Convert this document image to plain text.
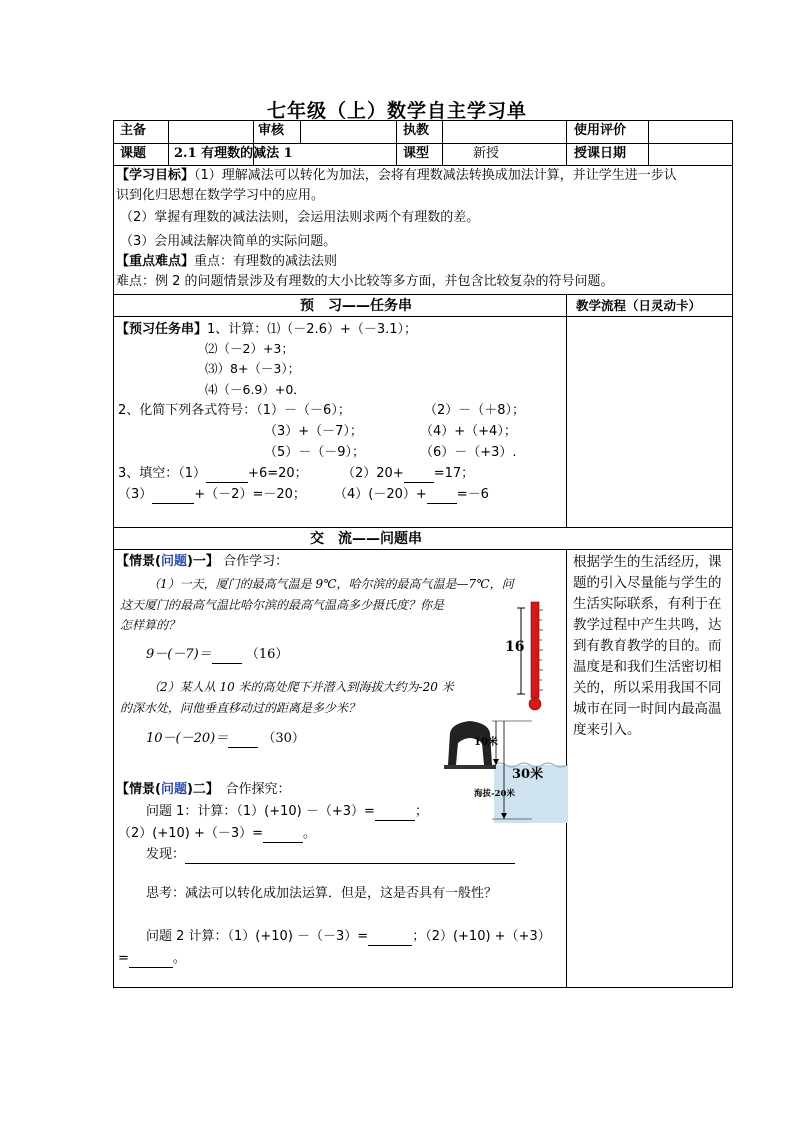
七年级（上）数学自主学习单
主备	审核	执教	使用评价
课题 2.1 有理数的减法 1	课型	新授	授课日期
【学习目标】（1）理解减法可以转化为加法，会将有理数减法转换成加法计算，并让学生进一步认
识到化归思想在数学学习中的应用。
（2）掌握有理数的减法法则，会运用法则求两个有理数的差。
（3）会用减法解决简单的实际问题。
【重点难点】重点：有理数的减法法则
难点：例 2 的问题情景涉及有理数的大小比较等多方面，并包含比较复杂的符号问题。
预　习——任务串	教学流程（日灵动卡）
【预习任务串】1、计算：⑴（－2.6）+（－3.1）；
⑵（－2）+3；
⑶）8+（－3）；
⑷（－6.9）+0．
2、化简下列各式符号：（1）－（－6）；	（2）－（＋8）；
（3）+（－7）；	（4）+（+4）；
（5）－（－9）；	（6）－（+3）.
3、填空：（1）	+6=20；	（2）20+ =17；
（3）	+（－2）=－20； （4）(－20）+ =－6
交　流——问题串
【情景(问题)一】 合作学习：
（1）一天，厦门的最高气温是 9℃，哈尔滨的最高气温是—7℃，问
这天厦门的最高气温比哈尔滨的最高气温高多少摄氏度？你是
怎样算的？
9－(－7)＝	（16）
（2）某人从 10 米的高处爬下并潜入到海拔大约为-20 米
的深水处，问他垂直移动过的距离是多少米？
10－(－20)＝	（30）
16
10米
30米
海拔-20米
【情景(问题)二】　 合作探究：
问题 1：计算：（1）(+10) －（+3）=	；
（2）(+10) +（－3）=	。
发现：
思考：减法可以转化成加法运算．但是，这是否具有一般性？
问题 2 计算：（1）(+10) －（－3）=	；（2）(+10) +（+3）
=	。
根据学生的生活经历，课题的引入尽量能与学生的生活实际联系，有利于在教学过程中产生共鸣，达到有教育教学的目的。而温度是和我们生活密切相关的，所以采用我国不同城市在同一时间内最高温度来引入。
